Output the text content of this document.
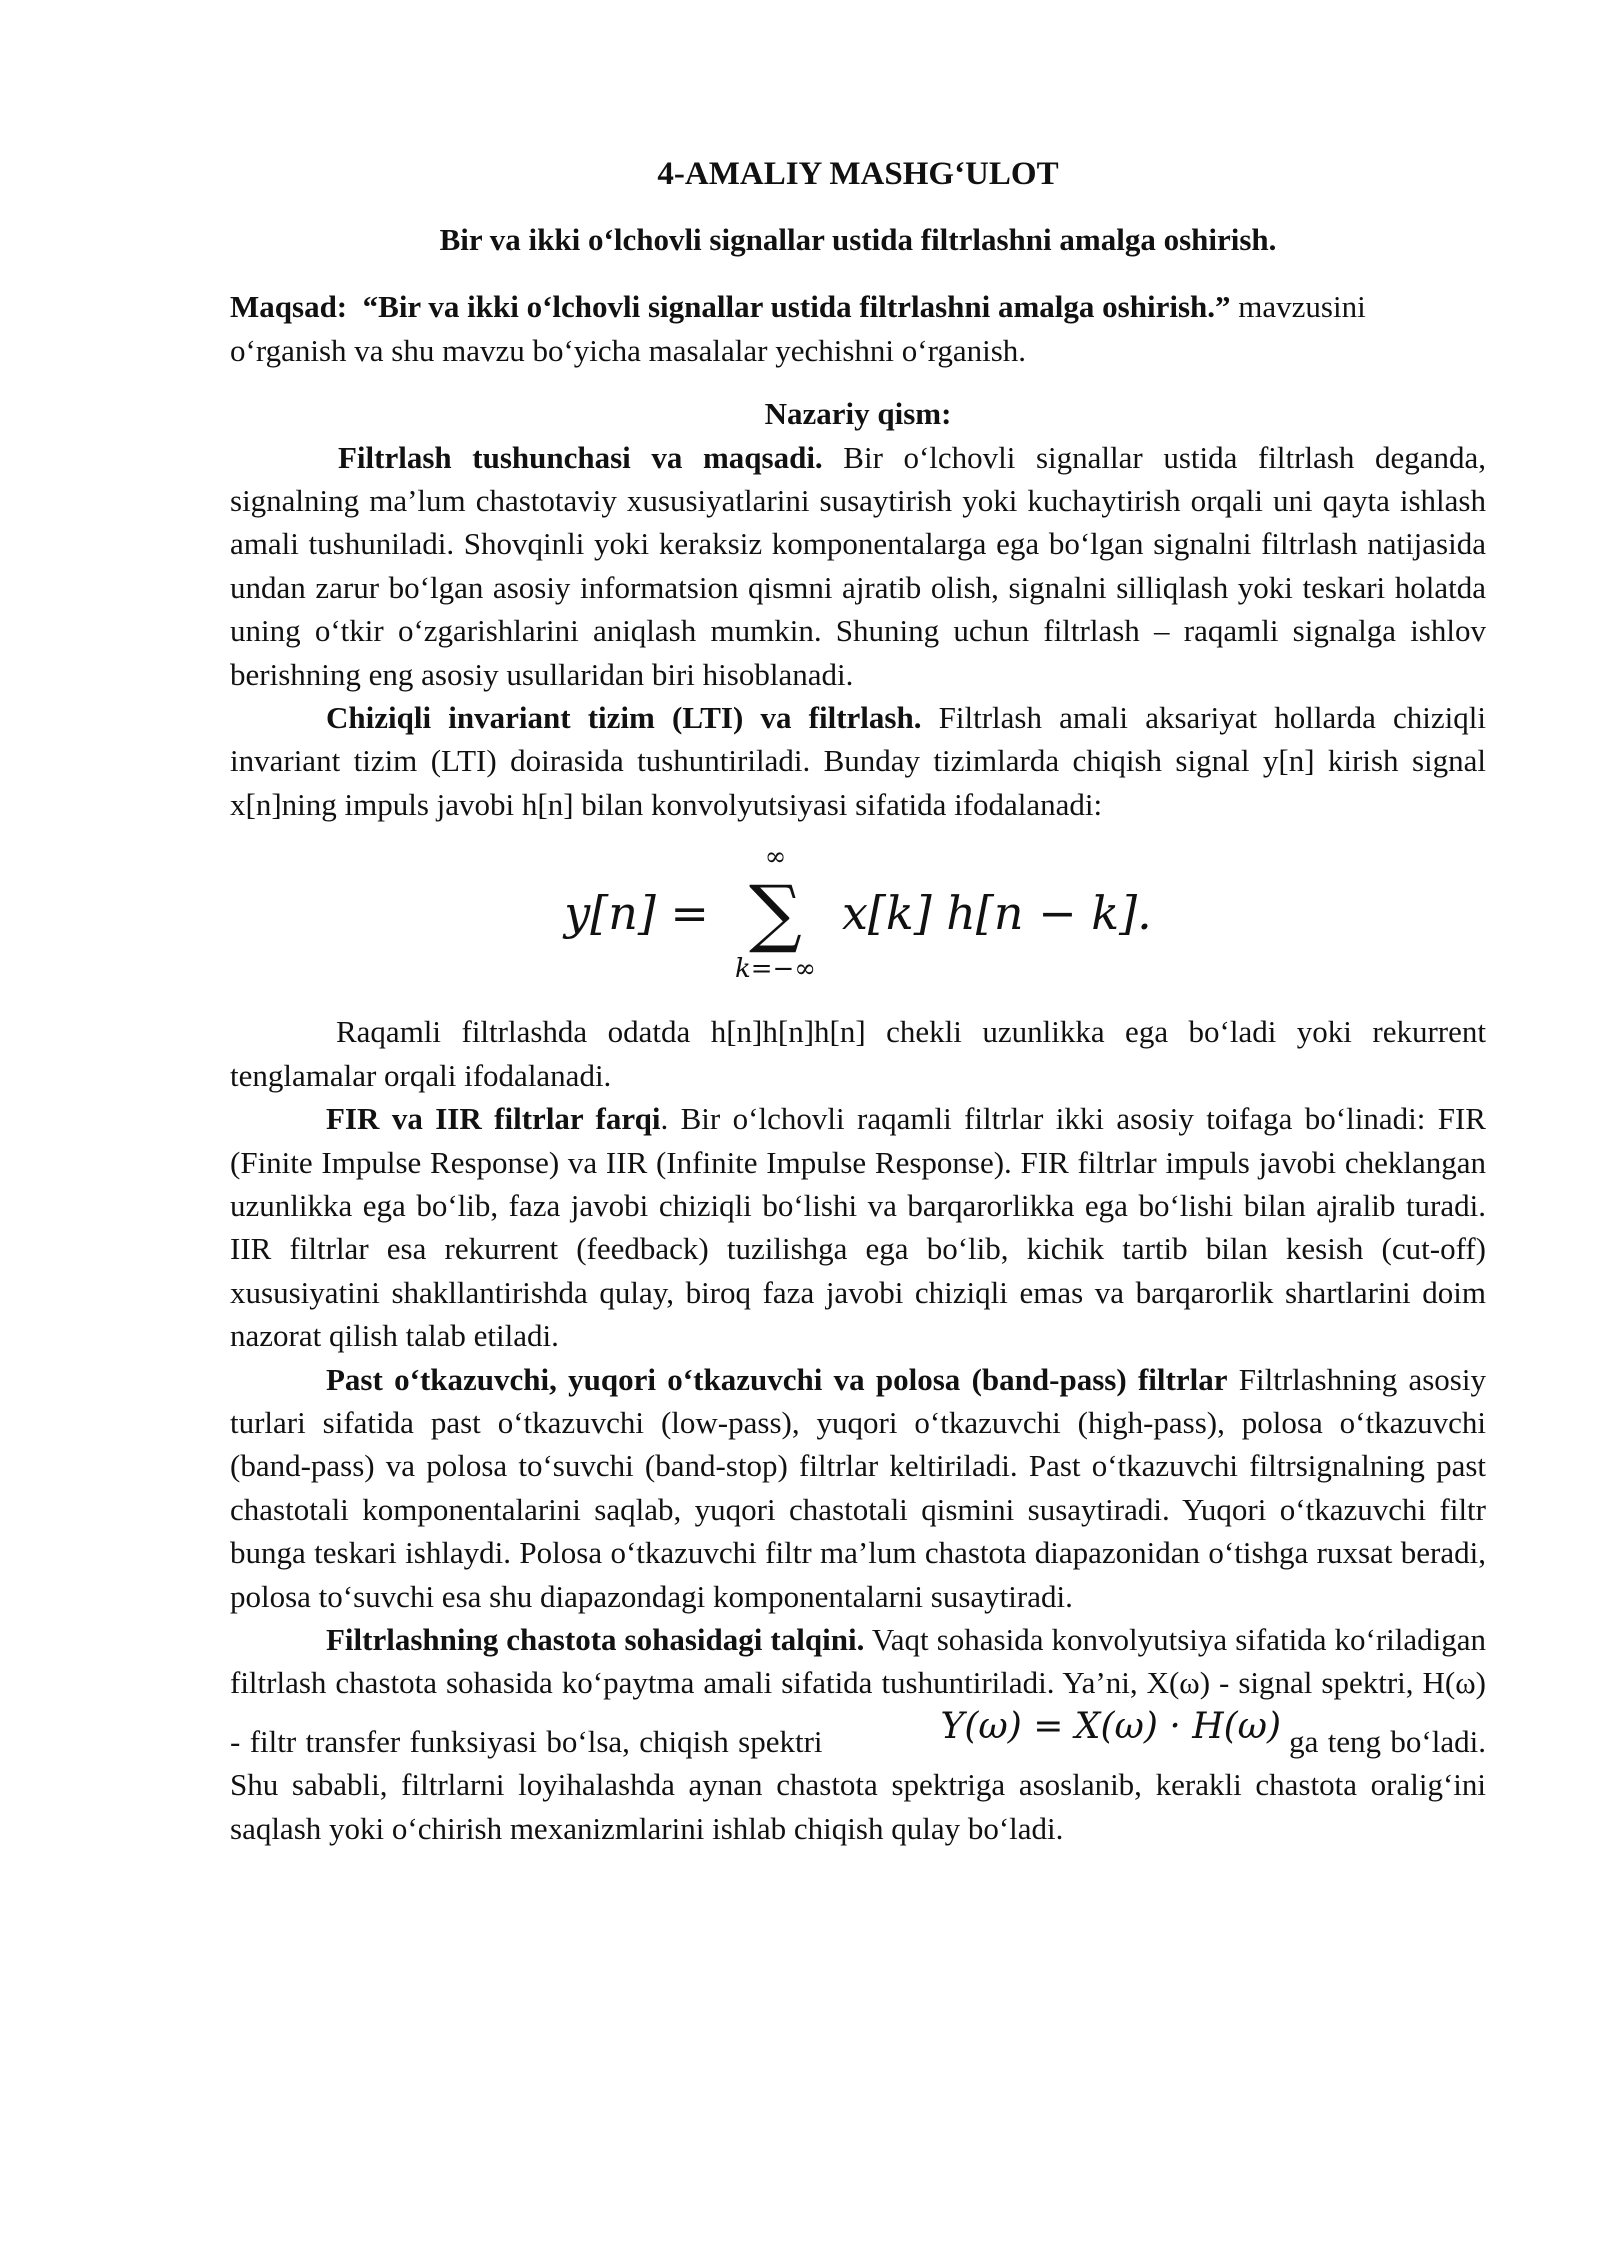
4-AMALIY MASHG‘ULOT

Bir va ikki o‘lchovli signallar ustida filtrlashni amalga oshirish.

Maqsad: “Bir va ikki o‘lchovli signallar ustida filtrlashni amalga oshirish.” mavzusini o‘rganish va shu mavzu bo‘yicha masalalar yechishni o‘rganish.

Nazariy qism:

Filtrlash tushunchasi va maqsadi. Bir o‘lchovli signallar ustida filtrlash deganda, signalning ma’lum chastotaviy xususiyatlarini susaytirish yoki kuchaytirish orqali uni qayta ishlash amali tushuniladi. Shovqinli yoki keraksiz komponentalarga ega bo‘lgan signalni filtrlash natijasida undan zarur bo‘lgan asosiy informatsion qismni ajratib olish, signalni silliqlash yoki teskari holatda uning o‘tkir o‘zgarishlarini aniqlash mumkin. Shuning uchun filtrlash – raqamli signalga ishlov berishning eng asosiy usullaridan biri hisoblanadi.

Chiziqli invariant tizim (LTI) va filtrlash. Filtrlash amali aksariyat hollarda chiziqli invariant tizim (LTI) doirasida tushuntiriladi. Bunday tizimlarda chiqish signal y[n] kirish signal x[n]ning impuls javobi h[n] bilan konvolyutsiyasi sifatida ifodalanadi:

y[n] =
∞
∑
k=−∞
x[k] h[n − k].

Raqamli filtrlashda odatda h[n]h[n]h[n] chekli uzunlikka ega bo‘ladi yoki rekurrent tenglamalar orqali ifodalanadi.

FIR va IIR filtrlar farqi. Bir o‘lchovli raqamli filtrlar ikki asosiy toifaga bo‘linadi: FIR (Finite Impulse Response) va IIR (Infinite Impulse Response). FIR filtrlar impuls javobi cheklangan uzunlikka ega bo‘lib, faza javobi chiziqli bo‘lishi va barqarorlikka ega bo‘lishi bilan ajralib turadi. IIR filtrlar esa rekurrent (feedback) tuzilishga ega bo‘lib, kichik tartib bilan kesish (cut-off) xususiyatini shakllantirishda qulay, biroq faza javobi chiziqli emas va barqarorlik shartlarini doim nazorat qilish talab etiladi.

Past o‘tkazuvchi, yuqori o‘tkazuvchi va polosa (band-pass) filtrlar Filtrlashning asosiy turlari sifatida past o‘tkazuvchi (low-pass), yuqori o‘tkazuvchi (high-pass), polosa o‘tkazuvchi (band-pass) va polosa to‘suvchi (band-stop) filtrlar keltiriladi. Past o‘tkazuvchi filtrsignalning past chastotali komponentalarini saqlab, yuqori chastotali qismini susaytiradi. Yuqori o‘tkazuvchi filtr bunga teskari ishlaydi. Polosa o‘tkazuvchi filtr ma’lum chastota diapazonidan o‘tishga ruxsat beradi, polosa to‘suvchi esa shu diapazondagi komponentalarni susaytiradi.

Filtrlashning chastota sohasidagi talqini. Vaqt sohasida konvolyutsiya sifatida ko‘riladigan filtrlash chastota sohasida ko‘paytma amali sifatida tushuntiriladi. Ya’ni, X(ω) - signal spektri, H(ω) - filtr transfer funksiyasi bo‘lsa, chiqish spektri	Y(ω) = X(ω) · H(ω) ga teng bo‘ladi. Shu sababli, filtrlarni loyihalashda aynan chastota spektriga asoslanib, kerakli chastota oralig‘ini saqlash yoki o‘chirish mexanizmlarini ishlab chiqish qulay bo‘ladi.
